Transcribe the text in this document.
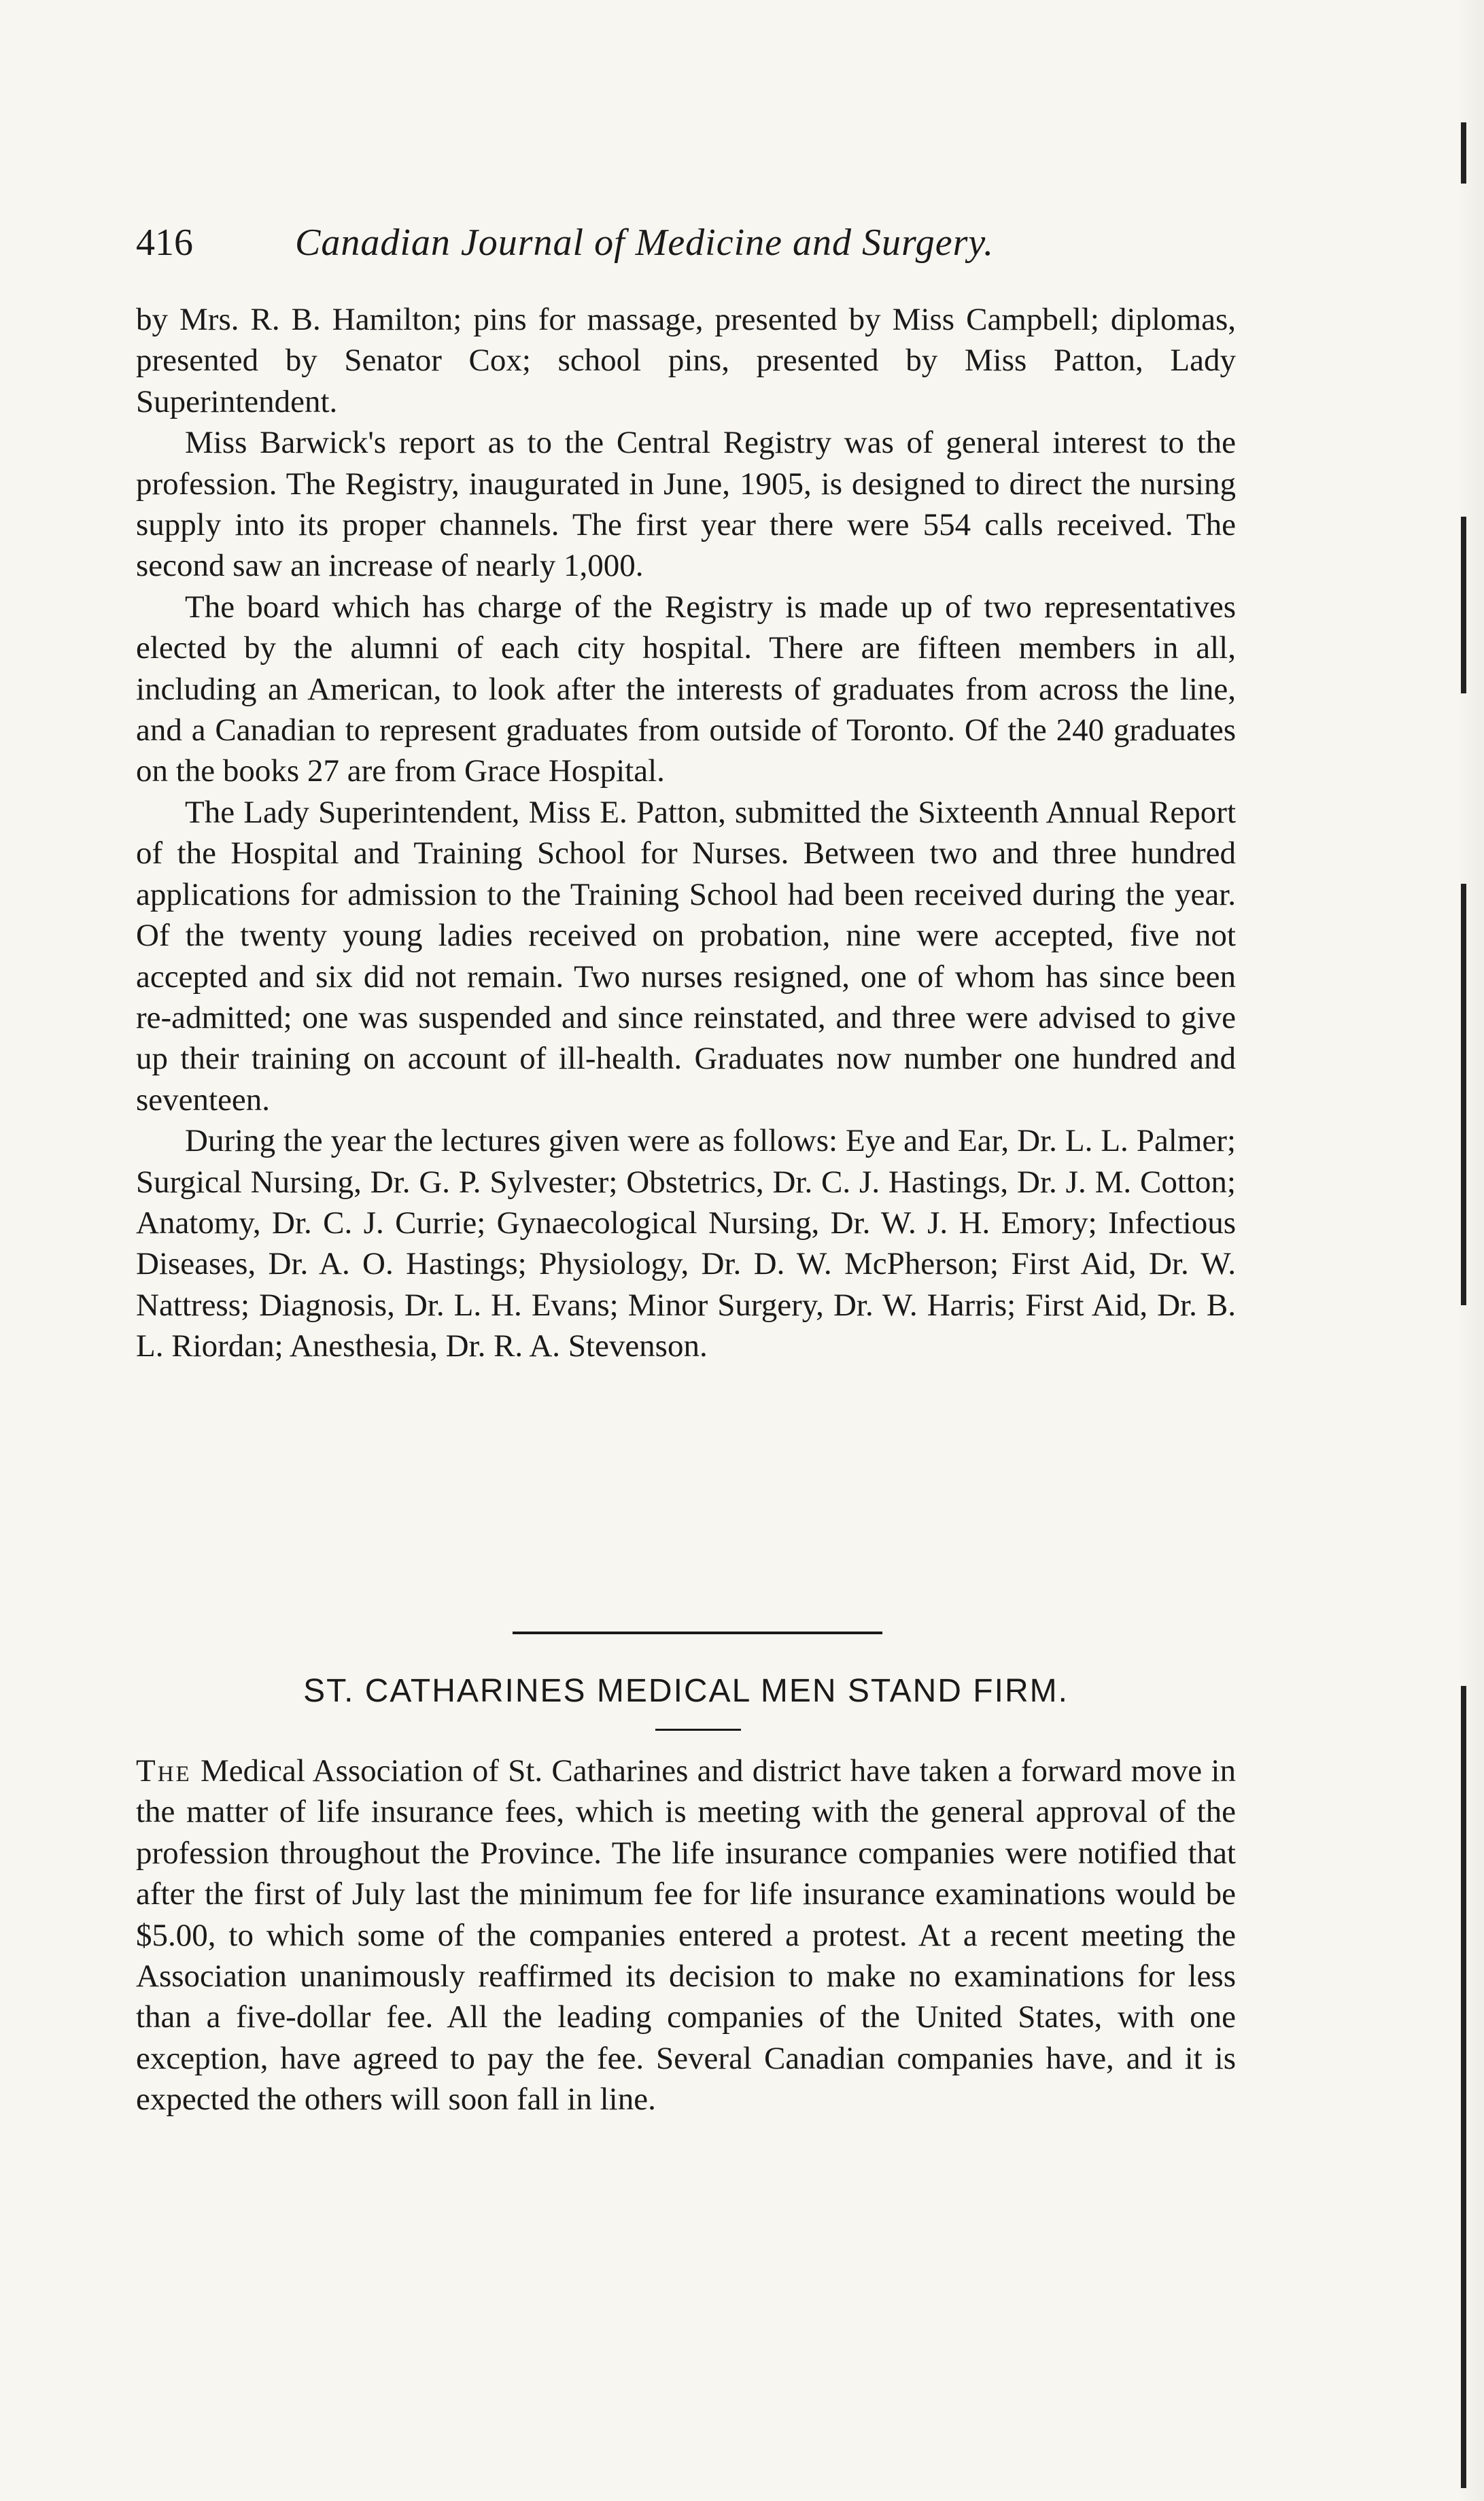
416	Canadian Journal of Medicine and Surgery.

by Mrs. R. B. Hamilton; pins for massage, presented by Miss Campbell; diplomas, presented by Senator Cox; school pins, presented by Miss Patton, Lady Superintendent.

Miss Barwick's report as to the Central Registry was of general interest to the profession. The Registry, inaugurated in June, 1905, is designed to direct the nursing supply into its proper channels. The first year there were 554 calls received. The second saw an increase of nearly 1,000.

The board which has charge of the Registry is made up of two representatives elected by the alumni of each city hospital. There are fifteen members in all, including an American, to look after the interests of graduates from across the line, and a Canadian to represent graduates from outside of Toronto. Of the 240 graduates on the books 27 are from Grace Hospital.

The Lady Superintendent, Miss E. Patton, submitted the Sixteenth Annual Report of the Hospital and Training School for Nurses. Between two and three hundred applications for admission to the Training School had been received during the year. Of the twenty young ladies received on probation, nine were accepted, five not accepted and six did not remain. Two nurses resigned, one of whom has since been re-admitted; one was suspended and since reinstated, and three were advised to give up their training on account of ill-health. Graduates now number one hundred and seventeen.

During the year the lectures given were as follows: Eye and Ear, Dr. L. L. Palmer; Surgical Nursing, Dr. G. P. Sylvester; Obstetrics, Dr. C. J. Hastings, Dr. J. M. Cotton; Anatomy, Dr. C. J. Currie; Gynaecological Nursing, Dr. W. J. H. Emory; Infectious Diseases, Dr. A. O. Hastings; Physiology, Dr. D. W. McPherson; First Aid, Dr. W. Nattress; Diagnosis, Dr. L. H. Evans; Minor Surgery, Dr. W. Harris; First Aid, Dr. B. L. Riordan; Anesthesia, Dr. R. A. Stevenson.

ST. CATHARINES MEDICAL MEN STAND FIRM.

The Medical Association of St. Catharines and district have taken a forward move in the matter of life insurance fees, which is meeting with the general approval of the profession throughout the Province. The life insurance companies were notified that after the first of July last the minimum fee for life insurance examinations would be $5.00, to which some of the companies entered a protest. At a recent meeting the Association unanimously reaffirmed its decision to make no examinations for less than a five-dollar fee. All the leading companies of the United States, with one exception, have agreed to pay the fee. Several Canadian companies have, and it is expected the others will soon fall in line.
